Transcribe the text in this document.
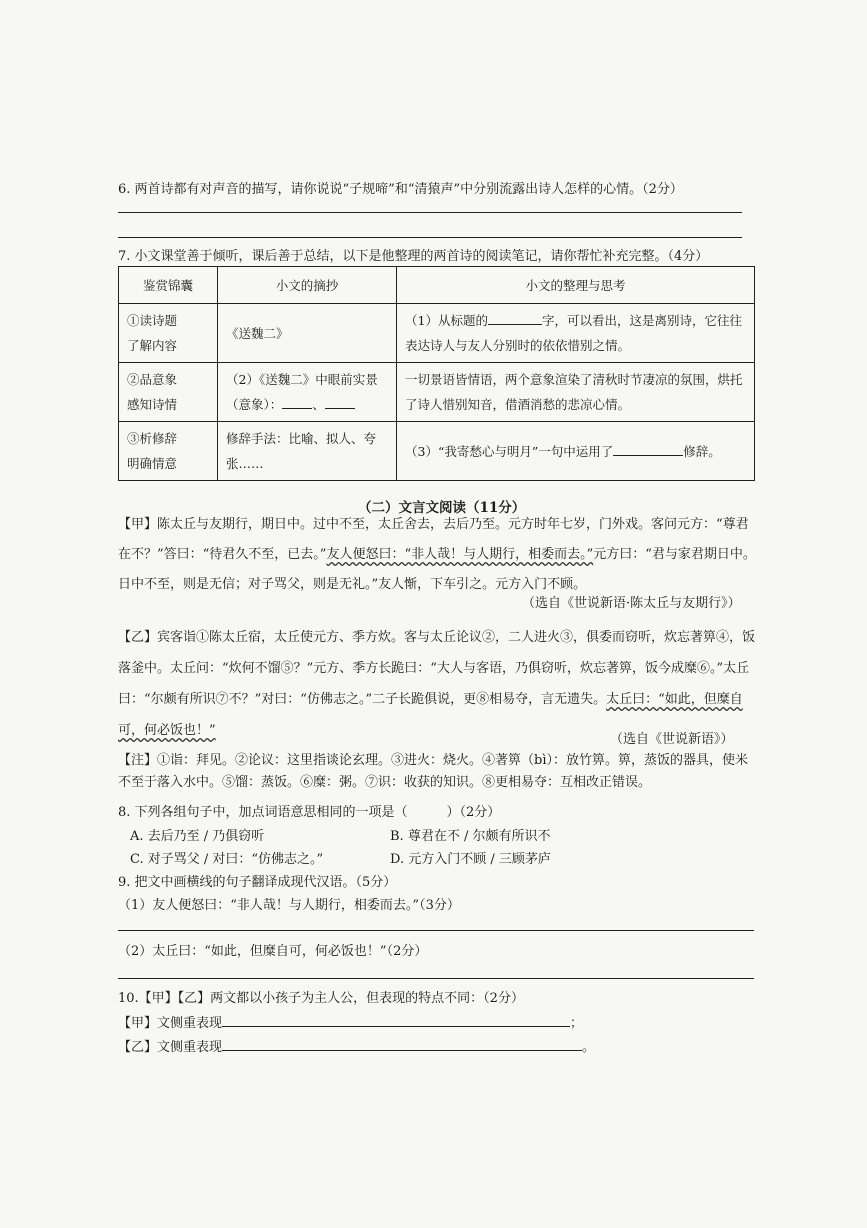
6. 两首诗都有对声音的描写，请你说说“子规啼”和“清猿声”中分别流露出诗人怎样的心情。（2分）
7. 小文课堂善于倾听，课后善于总结，以下是他整理的两首诗的阅读笔记，请你帮忙补充完整。（4分）
鉴赏锦囊	小文的摘抄	小文的整理与思考
①读诗题
了解内容	《送魏二》	（1）从标题的 字，可以看出，这是离别诗，它往往表达诗人与友人分别时的依依惜别之情。
②品意象
感知诗情	（2）《送魏二》中眼前实景（意象）： 、	一切景语皆情语，两个意象渲染了清秋时节凄凉的氛围，烘托了诗人惜别知音，借酒消愁的悲凉心情。
③析修辞
明确情意	修辞手法：比喻、拟人、夸张……	（3）“我寄愁心与明月”一句中运用了 修辞。
（二）文言文阅读（11分）
【甲】陈太丘与友期行，期日中。过中不至，太丘舍去，去后乃至。元方时年七岁，门外戏。客问元方：“尊君在不？”答曰：“待君久不至，已去。”友人便怒曰：“非人哉！与人期行，相委而去。”元方曰：“君与家君期日中。日中不至，则是无信；对子骂父，则是无礼。”友人惭，下车引之。元方入门不顾。
（选自《世说新语·陈太丘与友期行》）
【乙】宾客诣①陈太丘宿，太丘使元方、季方炊。客与太丘论议②，二人进火③，俱委而窃听，炊忘著箅④，饭落釜中。太丘问：“炊何不馏⑤？”元方、季方长跪曰：“大人与客语，乃俱窃听，炊忘著箅，饭今成糜⑥。”太丘曰：“尔颇有所识⑦不？”对曰：“仿佛志之。”二子长跪俱说，更⑧相易夺，言无遗失。太丘曰：“如此，但糜自可，何必饭也！”
（选自《世说新语》）
【注】①诣：拜见。②论议：这里指谈论玄理。③进火：烧火。④著箅（bì）：放竹箅。箅，蒸饭的器具，使米不至于落入水中。⑤馏：蒸饭。⑥糜：粥。⑦识：收获的知识。⑧更相易夺：互相改正错误。
8. 下列各组句子中，加点词语意思相同的一项是（　　　）（2分）
A. 去后乃至 / 乃俱窃听	B. 尊君在不 / 尔颇有所识不
C. 对子骂父 / 对曰：“仿佛志之。”	D. 元方入门不顾 / 三顾茅庐
9. 把文中画横线的句子翻译成现代汉语。（5分）
（1）友人便怒曰：“非人哉！与人期行，相委而去。”（3分）
（2）太丘曰：“如此，但糜自可，何必饭也！”（2分）
10.【甲】【乙】两文都以小孩子为主人公，但表现的特点不同：（2分）
【甲】文侧重表现	；
【乙】文侧重表现	。
